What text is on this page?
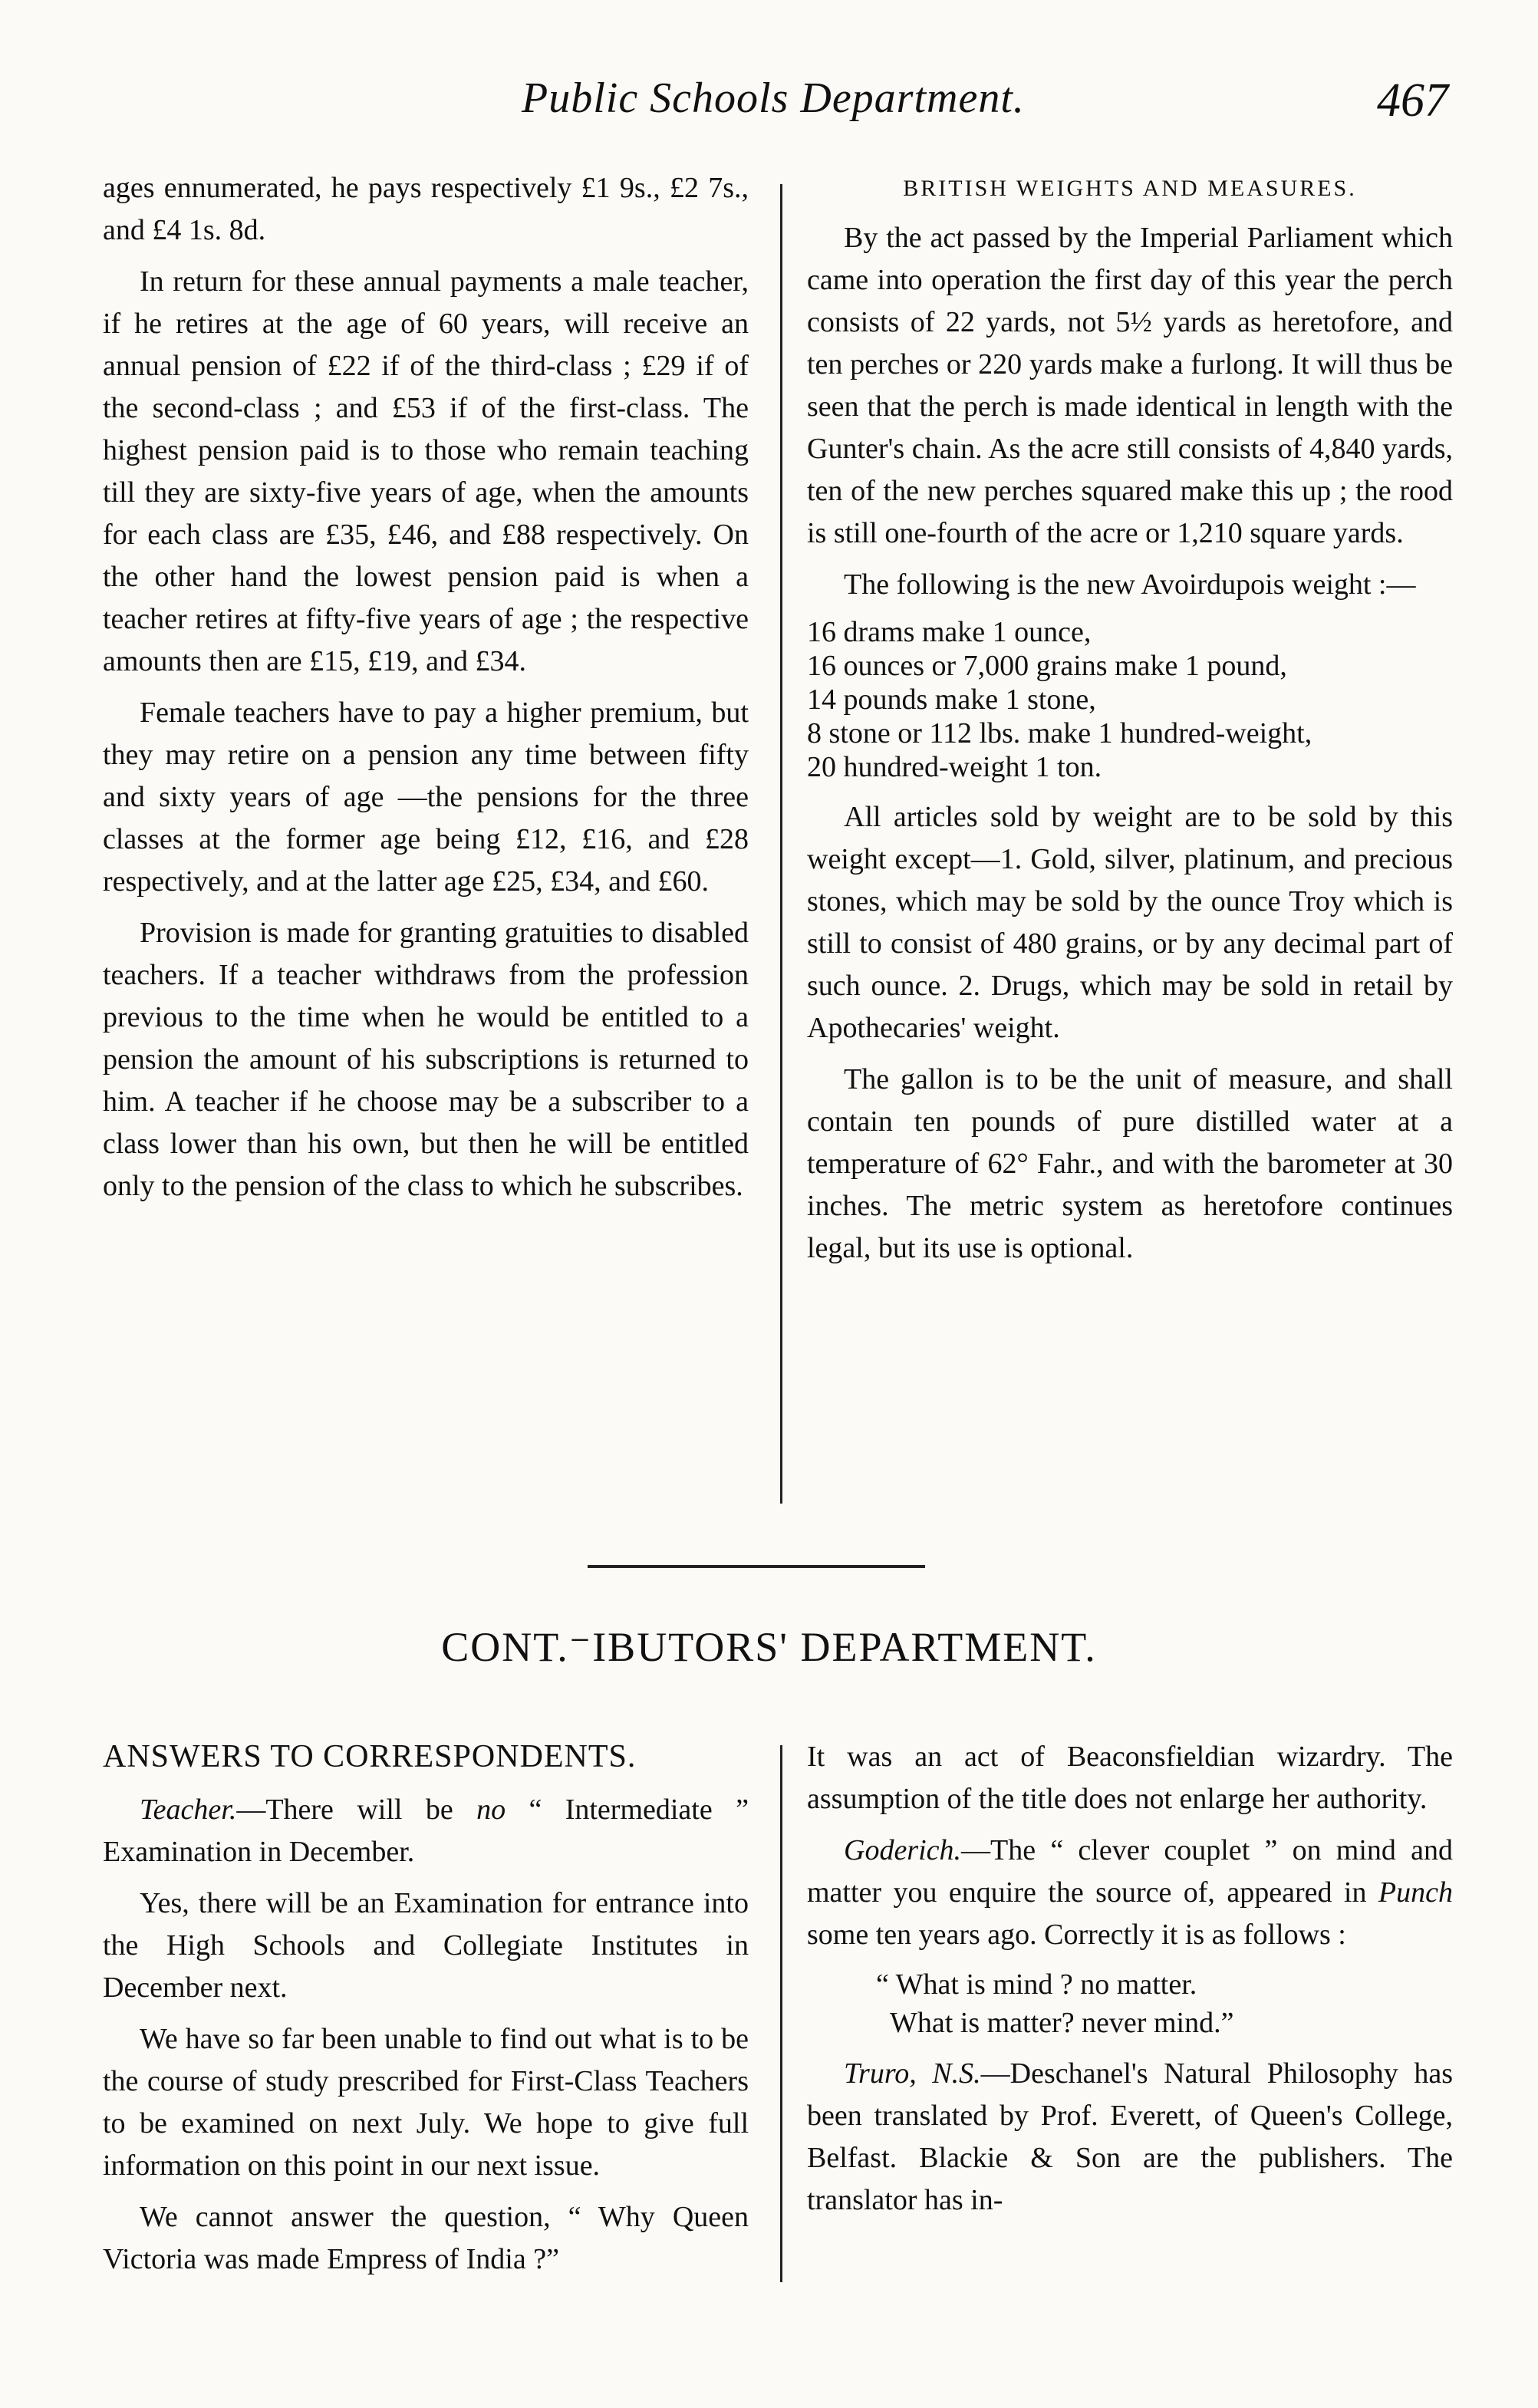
Public Schools Department.	467

ages ennumerated, he pays respectively £1 9s., £2 7s., and £4 1s. 8d.

In return for these annual payments a male teacher, if he retires at the age of 60 years, will receive an annual pension of £22 if of the third-class ; £29 if of the second-class ; and £53 if of the first-class. The highest pension paid is to those who remain teaching till they are sixty-five years of age, when the amounts for each class are £35, £46, and £88 respectively. On the other hand the lowest pension paid is when a teacher retires at fifty-five years of age ; the respective amounts then are £15, £19, and £34.

Female teachers have to pay a higher premium, but they may retire on a pension any time between fifty and sixty years of age —the pensions for the three classes at the former age being £12, £16, and £28 respectively, and at the latter age £25, £34, and £60.

Provision is made for granting gratuities to disabled teachers. If a teacher withdraws from the profession previous to the time when he would be entitled to a pension the amount of his subscriptions is returned to him. A teacher if he choose may be a subscriber to a class lower than his own, but then he will be entitled only to the pension of the class to which he subscribes.

BRITISH WEIGHTS AND MEASURES.

By the act passed by the Imperial Parliament which came into operation the first day of this year the perch consists of 22 yards, not 5½ yards as heretofore, and ten perches or 220 yards make a furlong. It will thus be seen that the perch is made identical in length with the Gunter's chain. As the acre still consists of 4,840 yards, ten of the new perches squared make this up ; the rood is still one-fourth of the acre or 1,210 square yards.

The following is the new Avoirdupois weight :—

16 drams make 1 ounce,
16 ounces or 7,000 grains make 1 pound,
14 pounds make 1 stone,
8 stone or 112 lbs. make 1 hundred-weight,
20 hundred-weight 1 ton.

All articles sold by weight are to be sold by this weight except—1. Gold, silver, platinum, and precious stones, which may be sold by the ounce Troy which is still to consist of 480 grains, or by any decimal part of such ounce. 2. Drugs, which may be sold in retail by Apothecaries' weight.

The gallon is to be the unit of measure, and shall contain ten pounds of pure distilled water at a temperature of 62° Fahr., and with the barometer at 30 inches. The metric system as heretofore continues legal, but its use is optional.

CONT.⁻IBUTORS' DEPARTMENT.
ANSWERS TO CORRESPONDENTS.

Teacher.—There will be no “ Intermediate ” Examination in December.

Yes, there will be an Examination for entrance into the High Schools and Collegiate Institutes in December next.

We have so far been unable to find out what is to be the course of study prescribed for First-Class Teachers to be examined on next July. We hope to give full information on this point in our next issue.

We cannot answer the question, “ Why Queen Victoria was made Empress of India ?”

It was an act of Beaconsfieldian wizardry. The assumption of the title does not enlarge her authority.

Goderich.—The “ clever couplet ” on mind and matter you enquire the source of, appeared in Punch some ten years ago. Correctly it is as follows :

“ What is mind ? no matter.
What is matter? never mind.”

Truro, N.S.—Deschanel's Natural Philosophy has been translated by Prof. Everett, of Queen's College, Belfast. Blackie & Son are the publishers. The translator has in-
